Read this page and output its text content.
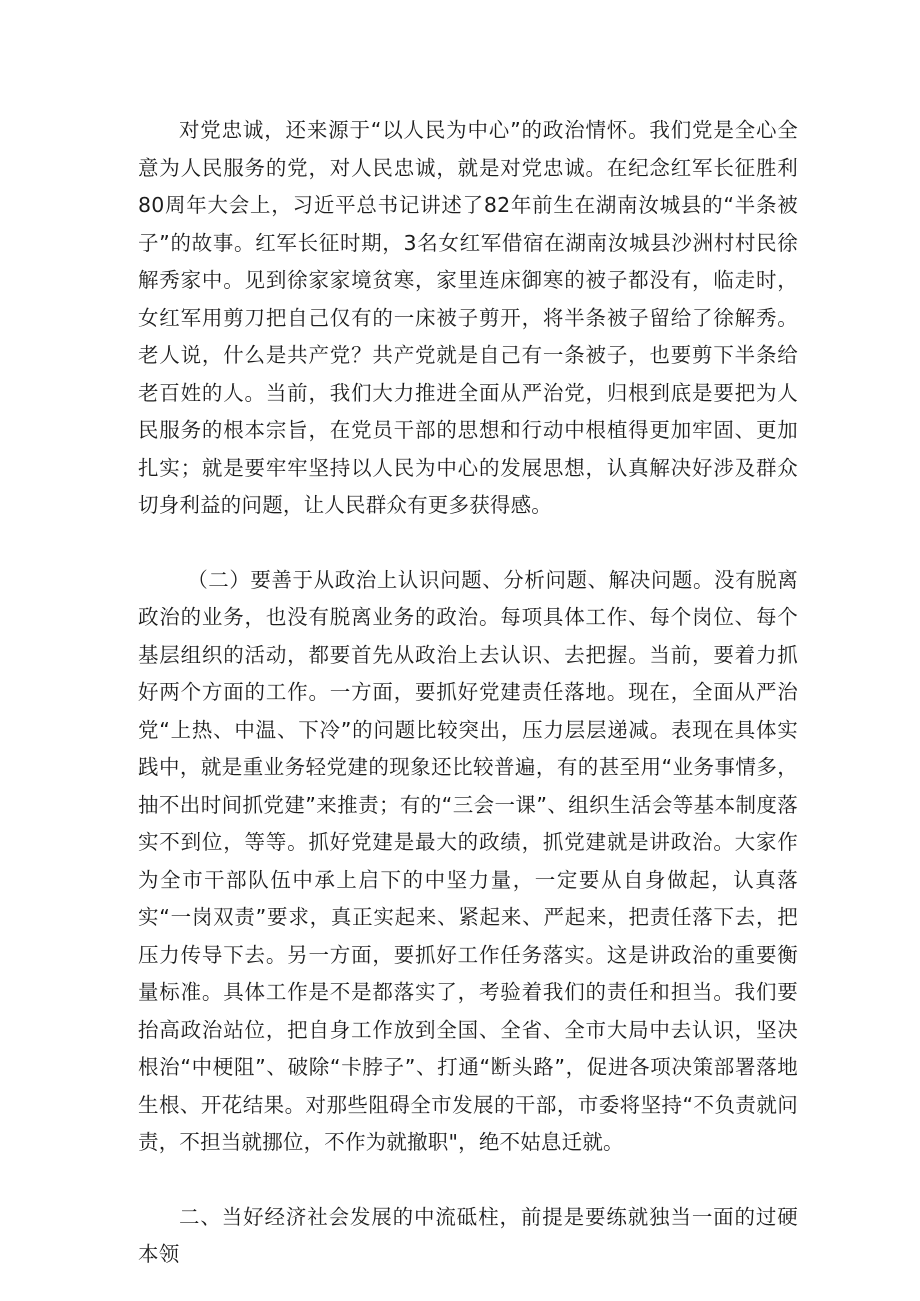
对党忠诚，还来源于“以人民为中心”的政治情怀。我们党是全心全意为人民服务的党，对人民忠诚，就是对党忠诚。在纪念红军长征胜利80周年大会上，习近平总书记讲述了82年前生在湖南汝城县的“半条被子”的故事。红军长征时期，3名女红军借宿在湖南汝城县沙洲村村民徐解秀家中。见到徐家家境贫寒，家里连床御寒的被子都没有，临走时，女红军用剪刀把自己仅有的一床被子剪开，将半条被子留给了徐解秀。老人说，什么是共产党？共产党就是自己有一条被子，也要剪下半条给老百姓的人。当前，我们大力推进全面从严治党，归根到底是要把为人民服务的根本宗旨，在党员干部的思想和行动中根植得更加牢固、更加扎实；就是要牢牢坚持以人民为中心的发展思想，认真解决好涉及群众切身利益的问题，让人民群众有更多获得感。

（二）要善于从政治上认识问题、分析问题、解决问题。没有脱离政治的业务，也没有脱离业务的政治。每项具体工作、每个岗位、每个基层组织的活动，都要首先从政治上去认识、去把握。当前，要着力抓好两个方面的工作。一方面，要抓好党建责任落地。现在，全面从严治党“上热、中温、下冷”的问题比较突出，压力层层递减。表现在具体实践中，就是重业务轻党建的现象还比较普遍，有的甚至用“业务事情多，抽不出时间抓党建”来推责；有的“三会一课”、组织生活会等基本制度落实不到位，等等。抓好党建是最大的政绩，抓党建就是讲政治。大家作为全市干部队伍中承上启下的中坚力量，一定要从自身做起，认真落实“一岗双责”要求，真正实起来、紧起来、严起来，把责任落下去，把压力传导下去。另一方面，要抓好工作任务落实。这是讲政治的重要衡量标准。具体工作是不是都落实了，考验着我们的责任和担当。我们要抬高政治站位，把自身工作放到全国、全省、全市大局中去认识，坚决根治“中梗阻”、破除“卡脖子”、打通“断头路”，促进各项决策部署落地生根、开花结果。对那些阻碍全市发展的干部，市委将坚持“不负责就问责，不担当就挪位，不作为就撤职"，绝不姑息迁就。

二、当好经济社会发展的中流砥柱，前提是要练就独当一面的过硬本领
